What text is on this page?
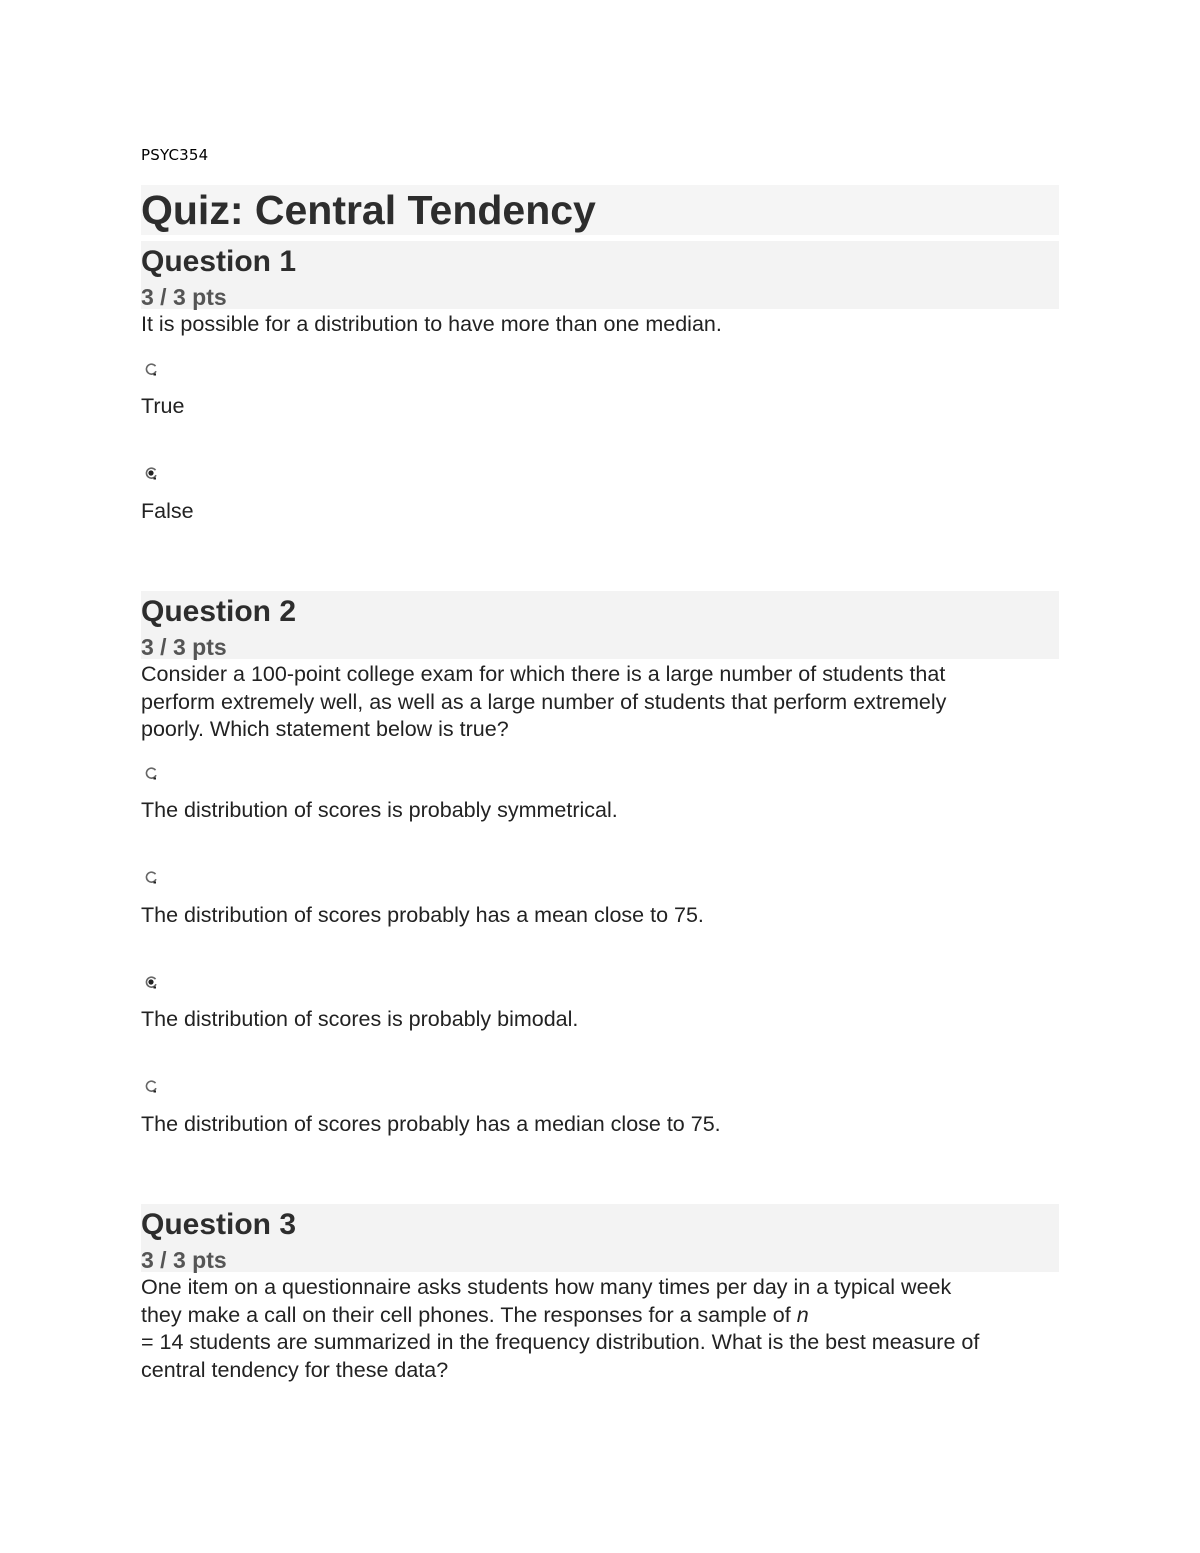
PSYC354
Quiz: Central Tendency
Question 1
3 / 3 pts
It is possible for a distribution to have more than one median.
True
False
Question 2
3 / 3 pts
Consider a 100-point college exam for which there is a large number of students that
perform extremely well, as well as a large number of students that perform extremely
poorly. Which statement below is true?
The distribution of scores is probably symmetrical.
The distribution of scores probably has a mean close to 75.
The distribution of scores is probably bimodal.
The distribution of scores probably has a median close to 75.
Question 3
3 / 3 pts
One item on a questionnaire asks students how many times per day in a typical week
they make a call on their cell phones. The responses for a sample of n
= 14 students are summarized in the frequency distribution. What is the best measure of
central tendency for these data?
